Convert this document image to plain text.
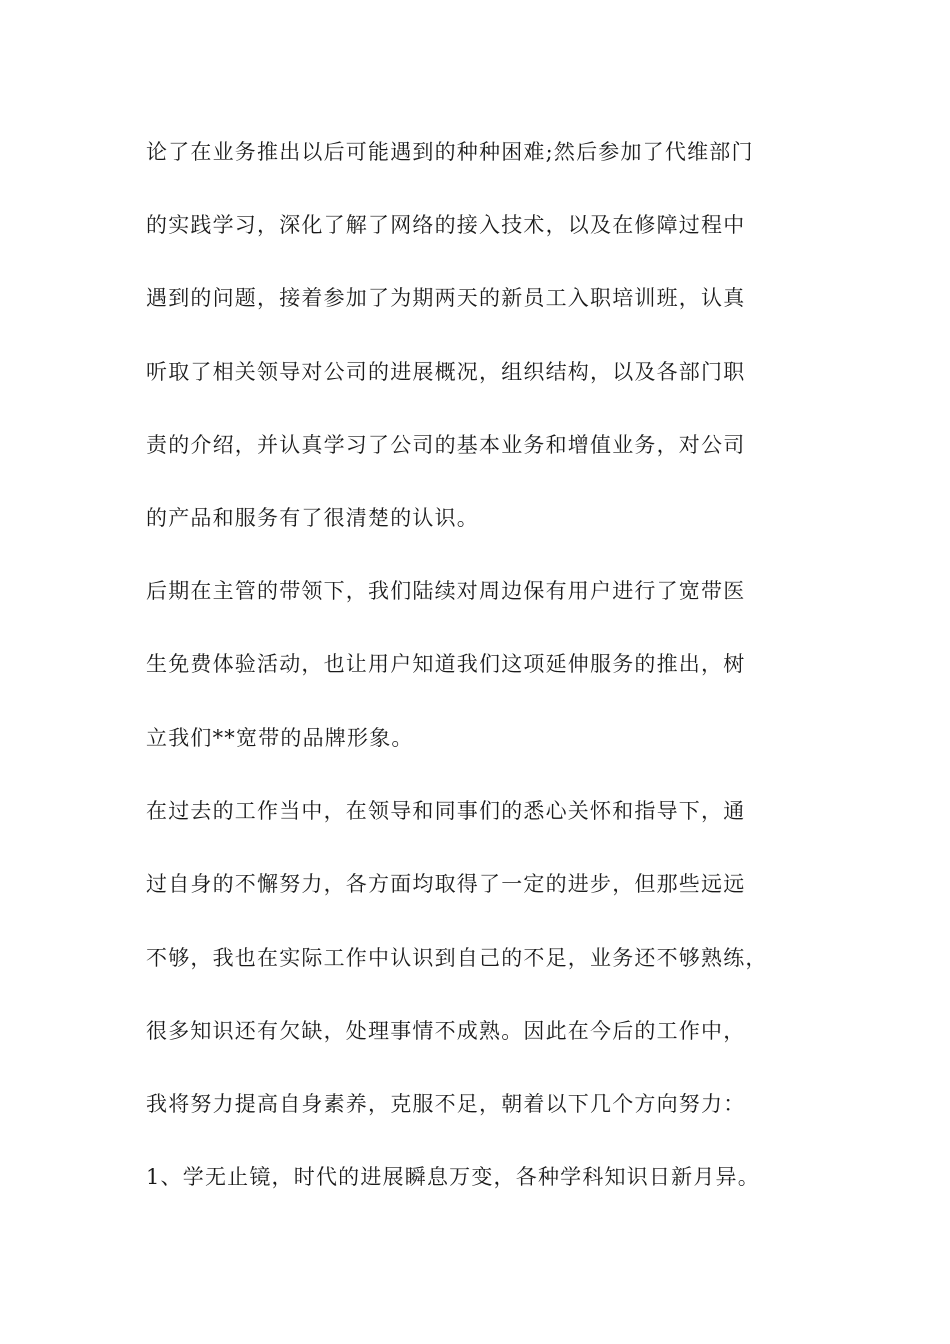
论了在业务推出以后可能遇到的种种困难;然后参加了代维部门
的实践学习，深化了解了网络的接入技术，以及在修障过程中
遇到的问题，接着参加了为期两天的新员工入职培训班，认真
听取了相关领导对公司的进展概况，组织结构，以及各部门职
责的介绍，并认真学习了公司的基本业务和增值业务，对公司
的产品和服务有了很清楚的认识。
后期在主管的带领下，我们陆续对周边保有用户进行了宽带医
生免费体验活动，也让用户知道我们这项延伸服务的推出，树
立我们**宽带的品牌形象。
在过去的工作当中，在领导和同事们的悉心关怀和指导下，通
过自身的不懈努力，各方面均取得了一定的进步，但那些远远
不够，我也在实际工作中认识到自己的不足，业务还不够熟练，
很多知识还有欠缺，处理事情不成熟。因此在今后的工作中，
我将努力提高自身素养，克服不足，朝着以下几个方向努力：
1、学无止镜，时代的进展瞬息万变，各种学科知识日新月异。
